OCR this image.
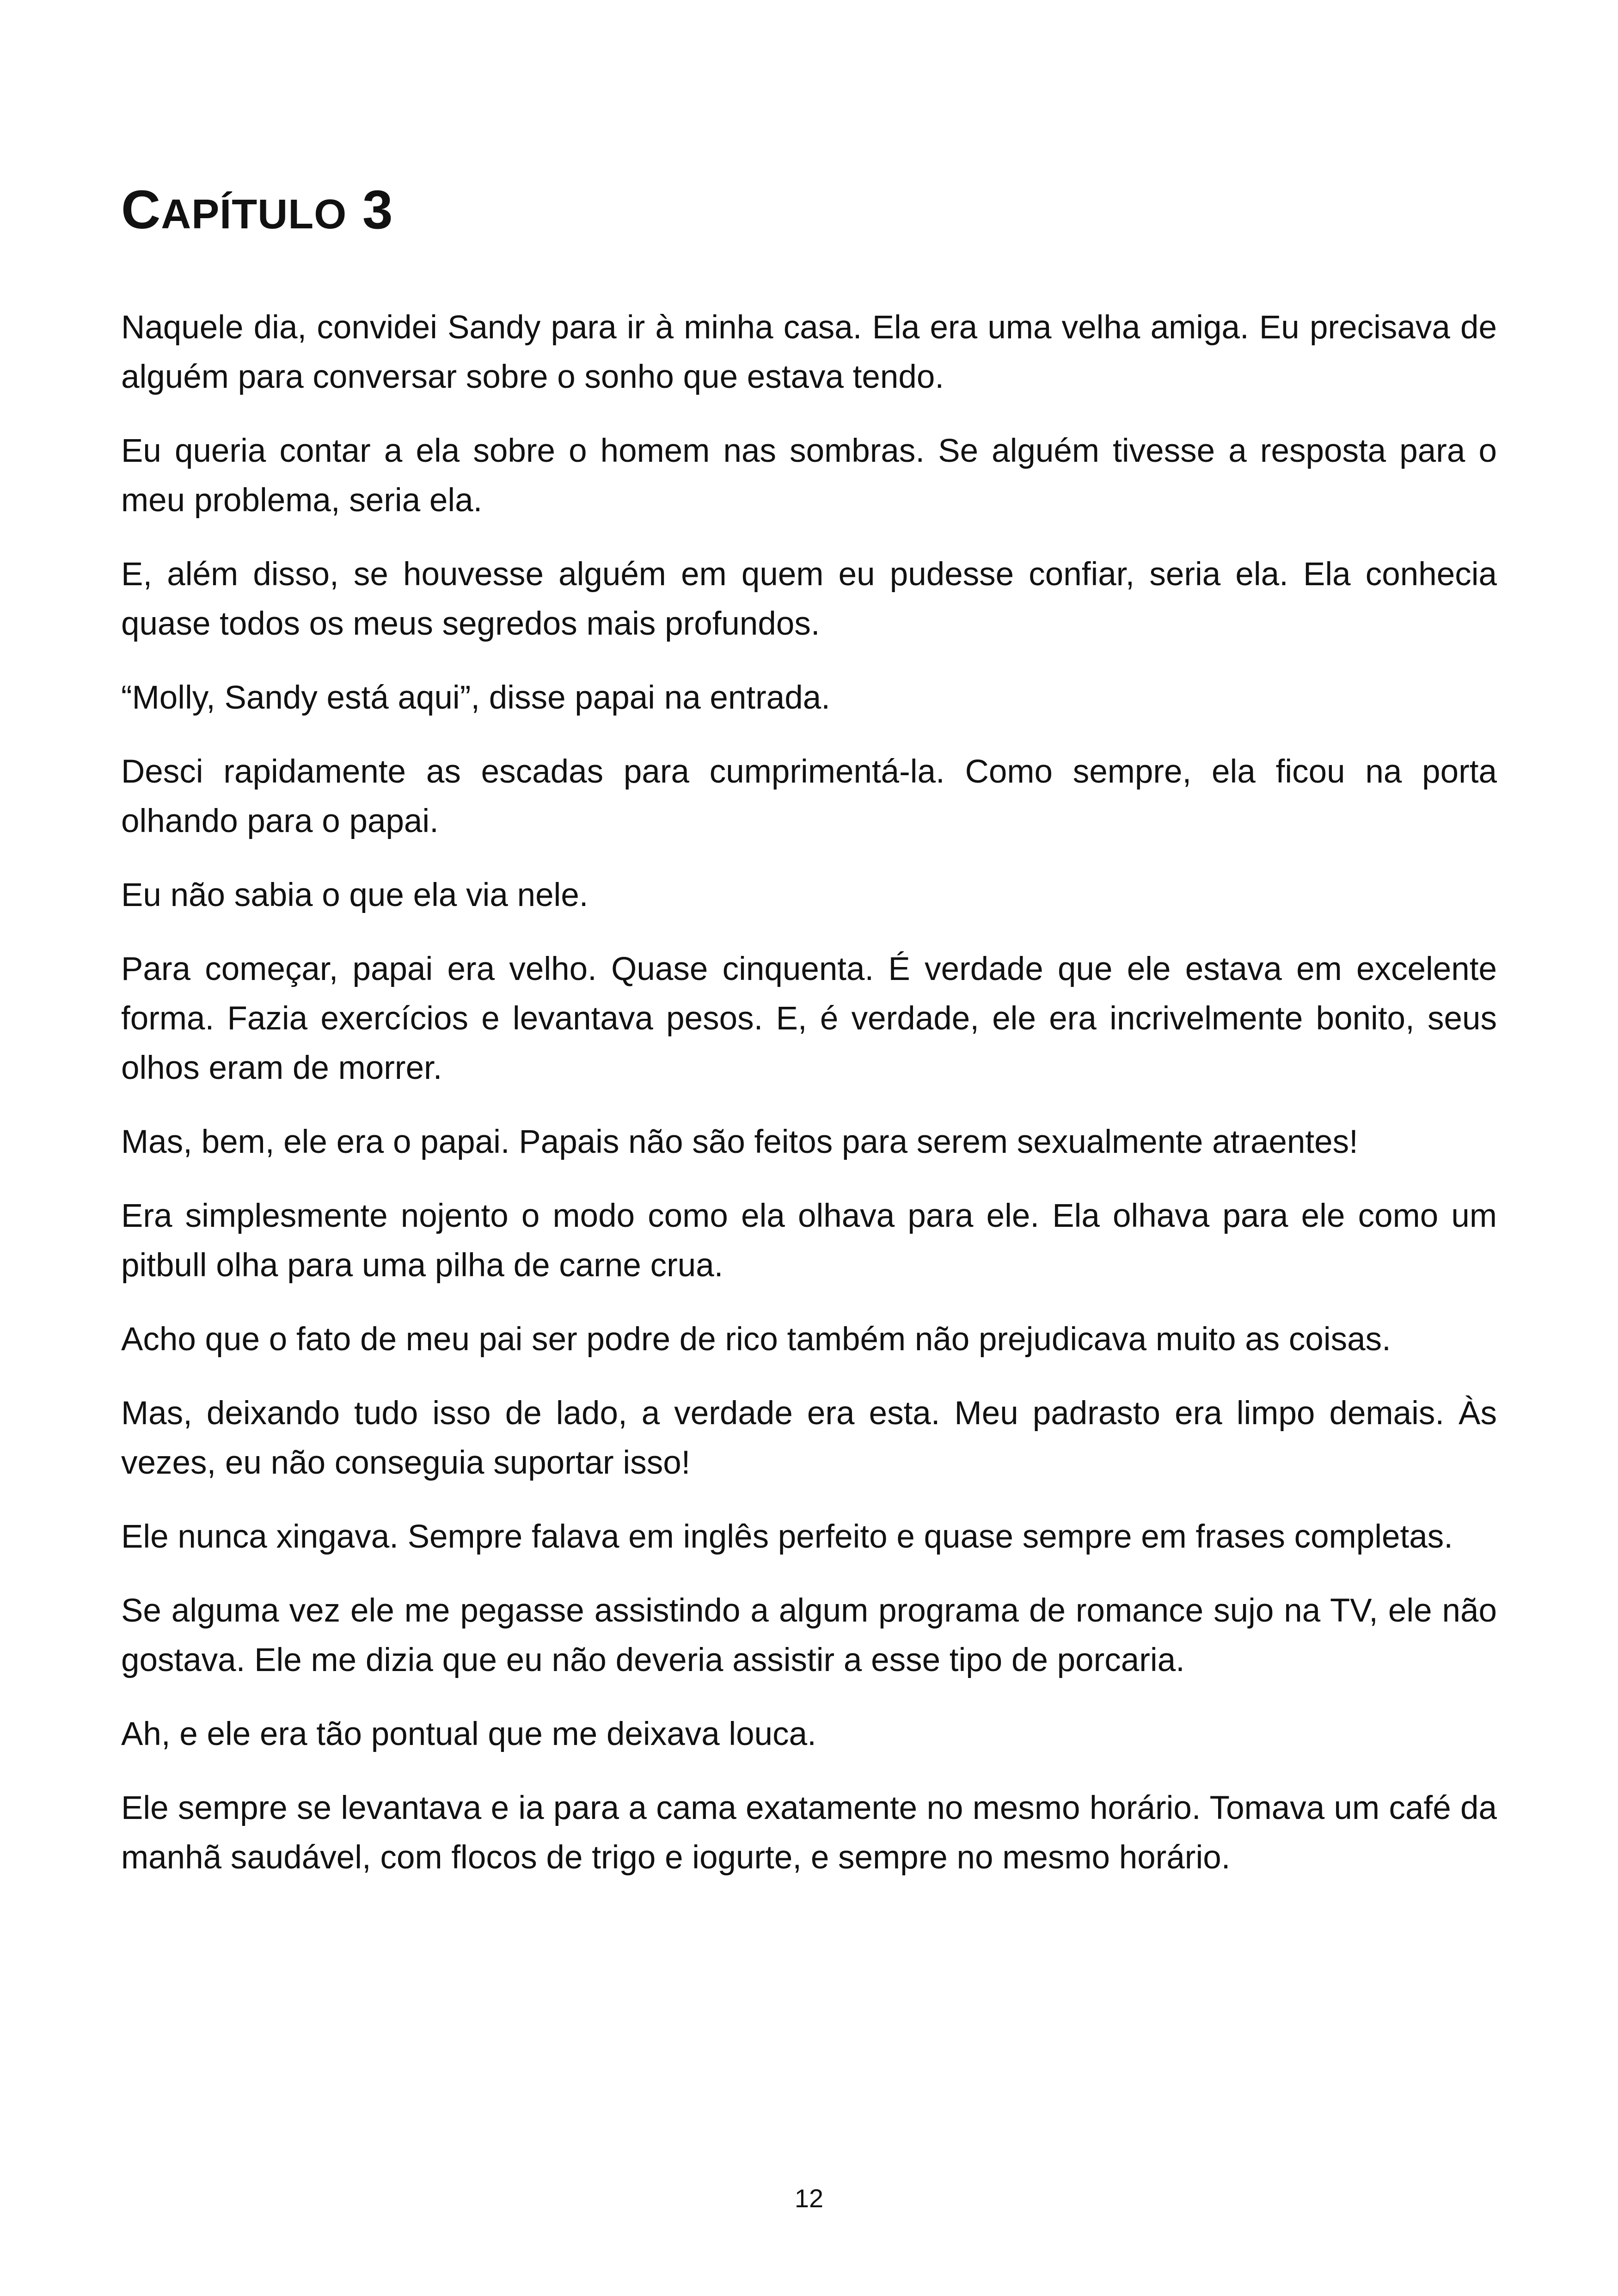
CAPÍTULO 3

Naquele dia, convidei Sandy para ir à minha casa. Ela era uma velha amiga. Eu precisava de alguém para conversar sobre o sonho que estava tendo.

Eu queria contar a ela sobre o homem nas sombras. Se alguém tivesse a resposta para o meu problema, seria ela.

E, além disso, se houvesse alguém em quem eu pudesse confiar, seria ela. Ela conhecia quase todos os meus segredos mais profundos.

“Molly, Sandy está aqui”, disse papai na entrada.

Desci rapidamente as escadas para cumprimentá-la. Como sempre, ela ficou na porta olhando para o papai.

Eu não sabia o que ela via nele.

Para começar, papai era velho. Quase cinquenta. É verdade que ele estava em excelente forma. Fazia exercícios e levantava pesos. E, é verdade, ele era incrivelmente bonito, seus olhos eram de morrer.

Mas, bem, ele era o papai. Papais não são feitos para serem sexualmente atraentes!

Era simplesmente nojento o modo como ela olhava para ele. Ela olhava para ele como um pitbull olha para uma pilha de carne crua.

Acho que o fato de meu pai ser podre de rico também não prejudicava muito as coisas.

Mas, deixando tudo isso de lado, a verdade era esta. Meu padrasto era limpo demais. Às vezes, eu não conseguia suportar isso!

Ele nunca xingava. Sempre falava em inglês perfeito e quase sempre em frases completas.

Se alguma vez ele me pegasse assistindo a algum programa de romance sujo na TV, ele não gostava. Ele me dizia que eu não deveria assistir a esse tipo de porcaria.

Ah, e ele era tão pontual que me deixava louca.

Ele sempre se levantava e ia para a cama exatamente no mesmo horário. Tomava um café da manhã saudável, com flocos de trigo e iogurte, e sempre no mesmo horário.

12
